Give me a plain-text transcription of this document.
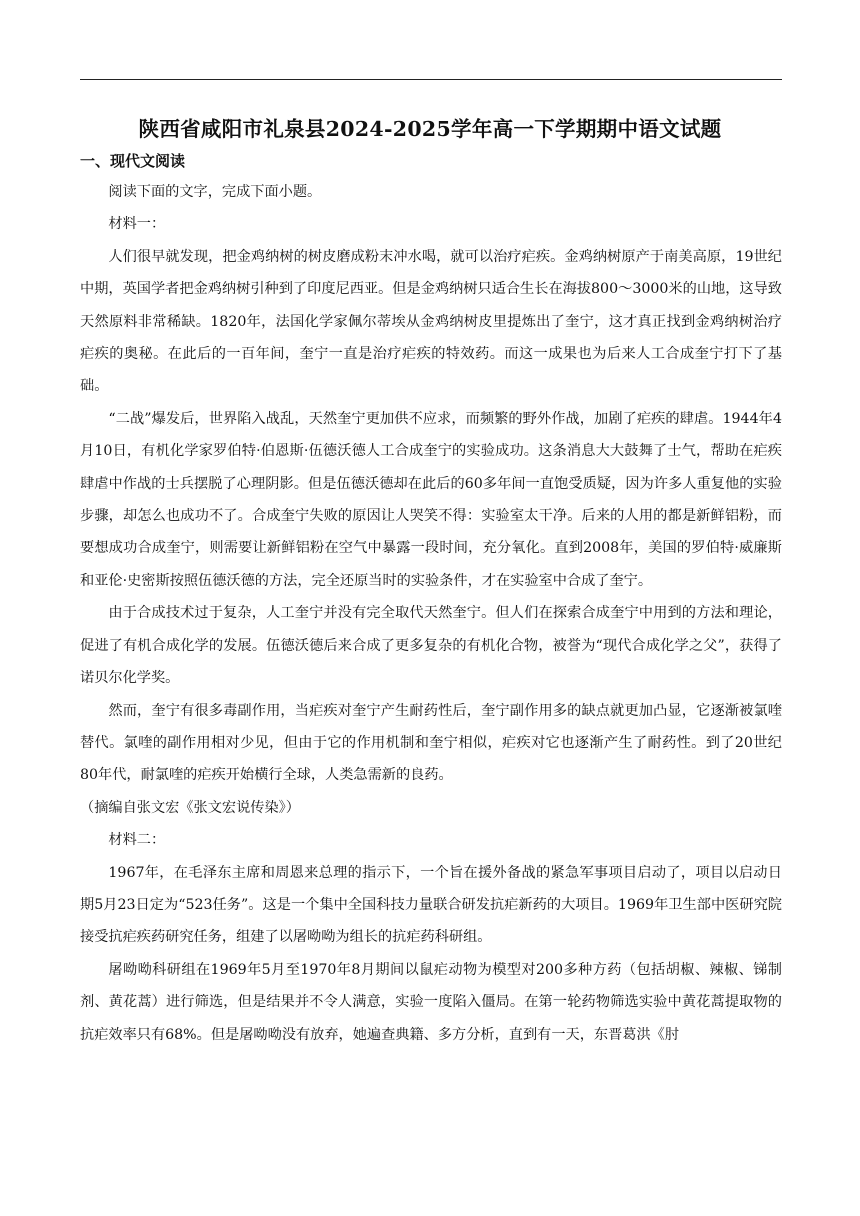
陕西省咸阳市礼泉县2024-2025学年高一下学期期中语文试题
一、现代文阅读

阅读下面的文字，完成下面小题。

材料一：

人们很早就发现，把金鸡纳树的树皮磨成粉末冲水喝，就可以治疗疟疾。金鸡纳树原产于南美高原，19世纪中期，英国学者把金鸡纳树引种到了印度尼西亚。但是金鸡纳树只适合生长在海拔800～3000米的山地，这导致天然原料非常稀缺。1820年，法国化学家佩尔蒂埃从金鸡纳树皮里提炼出了奎宁，这才真正找到金鸡纳树治疗疟疾的奥秘。在此后的一百年间，奎宁一直是治疗疟疾的特效药。而这一成果也为后来人工合成奎宁打下了基础。

“二战”爆发后，世界陷入战乱，天然奎宁更加供不应求，而频繁的野外作战，加剧了疟疾的肆虐。1944年4月10日，有机化学家罗伯特·伯恩斯·伍德沃德人工合成奎宁的实验成功。这条消息大大鼓舞了士气，帮助在疟疾肆虐中作战的士兵摆脱了心理阴影。但是伍德沃德却在此后的60多年间一直饱受质疑，因为许多人重复他的实验步骤，却怎么也成功不了。合成奎宁失败的原因让人哭笑不得：实验室太干净。后来的人用的都是新鲜铝粉，而要想成功合成奎宁，则需要让新鲜铝粉在空气中暴露一段时间，充分氧化。直到2008年，美国的罗伯特·威廉斯和亚伦·史密斯按照伍德沃德的方法，完全还原当时的实验条件，才在实验室中合成了奎宁。

由于合成技术过于复杂，人工奎宁并没有完全取代天然奎宁。但人们在探索合成奎宁中用到的方法和理论，促进了有机合成化学的发展。伍德沃德后来合成了更多复杂的有机化合物，被誉为“现代合成化学之父”，获得了诺贝尔化学奖。

然而，奎宁有很多毒副作用，当疟疾对奎宁产生耐药性后，奎宁副作用多的缺点就更加凸显，它逐渐被氯喹替代。氯喹的副作用相对少见，但由于它的作用机制和奎宁相似，疟疾对它也逐渐产生了耐药性。到了20世纪80年代，耐氯喹的疟疾开始横行全球，人类急需新的良药。

（摘编自张文宏《张文宏说传染》）

材料二：

1967年，在毛泽东主席和周恩来总理的指示下，一个旨在援外备战的紧急军事项目启动了，项目以启动日期5月23日定为“523任务”。这是一个集中全国科技力量联合研发抗疟新药的大项目。1969年卫生部中医研究院接受抗疟疾药研究任务，组建了以屠呦呦为组长的抗疟药科研组。

屠呦呦科研组在1969年5月至1970年8月期间以鼠疟动物为模型对200多种方药（包括胡椒、辣椒、锑制剂、黄花蒿）进行筛选，但是结果并不令人满意，实验一度陷入僵局。在第一轮药物筛选实验中黄花蒿提取物的抗疟效率只有68%。但是屠呦呦没有放弃，她遍查典籍、多方分析，直到有一天，东晋葛洪《肘
